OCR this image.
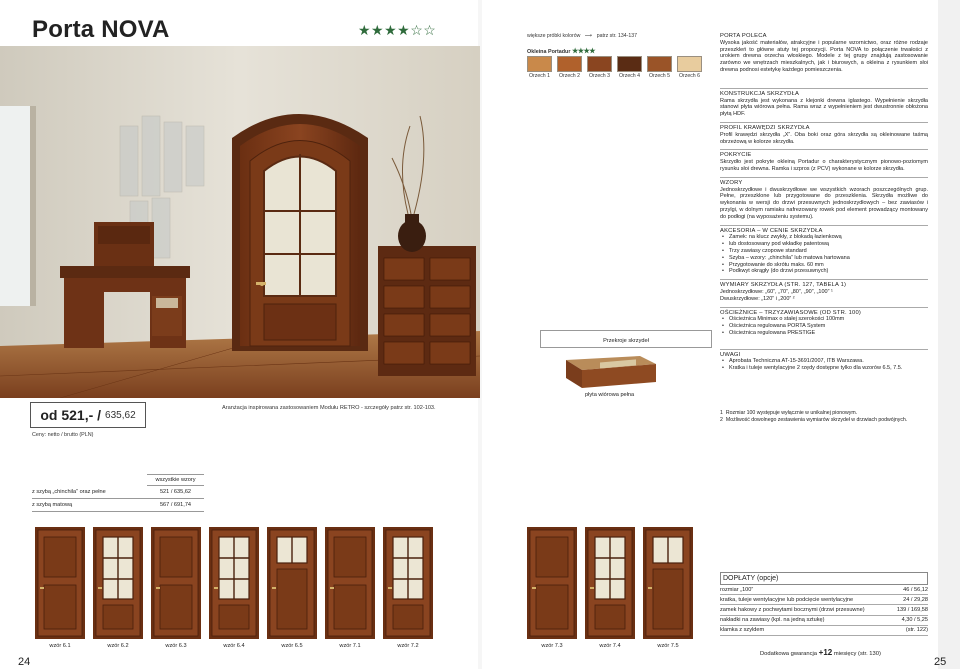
Porta NOVA	★★★★☆☆	większe próbki kolorów ⟶ patrz str. 134-137
Okleina Portadur ★★★★
Orzech 1	Orzech 2	Orzech 3	Orzech 4	Orzech 5	Orzech 6
Przekroje skrzydeł
płyta wiórowa pełna
od 521,- / 635,62
Aranżacja inspirowana zastosowaniem Modułu RETRO - szczegóły patrz str. 102-103.
Ceny: netto / brutto (PLN)
wszystkie wzory
z szybą „chinchila” oraz pełne	521 / 635,62
z szybą matową	567 / 691,74
wzór 6.1	wzór 6.2	wzór 6.3	wzór 6.4	wzór 6.5	wzór 7.1	wzór 7.2	wzór 7.3	wzór 7.4	wzór 7.5
24	25
PORTA POLECA

Wysoka jakość materiałów, atrakcyjne i popularne wzornictwo, oraz różne rodzaje przeszkleń to główne atuty tej propozycji. Porta NOVA to połączenie trwałości z urokiem drewna orzecha włoskiego. Modele z tej grupy znajdują zastosowanie zarówno we wnętrzach mieszkalnych, jak i biurowych, a okleina z rysunkiem słoi drewna podnosi estetykę każdego pomieszczenia.

KONSTRUKCJA SKRZYDŁA

Rama skrzydła jest wykonana z klejonki drewna iglastego. Wypełnienie skrzydła stanowi płyta wiórowa pełna. Rama wraz z wypełnieniem jest dwustronnie obłożona płytą HDF.

PROFIL KRAWĘDZI SKRZYDŁA

Profil krawędzi skrzydła „X”. Oba boki oraz góra skrzydła są okleinowane taśmą obrzeżową w kolorze skrzydła.

POKRYCIE

Skrzydło jest pokryte okleiną Portadur o charakterystycznym pionowo-poziomym rysunku słoi drewna. Ramka i szpros (z PCV) wykonane w kolorze skrzydła.

WZORY

Jednoskrzydłowe i dwuskrzydłowe we wszystkich wzorach poszczególnych grup. Pełne, przeszklone lub przygotowane do przeszklenia. Skrzydła możliwe do wykonania w wersji do drzwi przesuwnych jednoskrzydłowych – bez zawiasów i przylgi, w dolnym ramiaku nafrezowany rowek pod element prowadzący montowany do podłogi (na wyposażeniu systemu).

AKCESORIA – W CENIE SKRZYDŁA
• Zamek: na klucz zwykły, z blokadą łazienkową
• lub dostosowany pod wkładkę patentową
• Trzy zawiasy czopowe standard
• Szyba – wzory: „chinchila” lub matowa hartowana
• Przygotowanie do skrótu maks. 60 mm
• Podkwyt okrągły (do drzwi przesuwnych)
WYMIARY SKRZYDŁA (STR. 127, TABELA 1)
Jednoskrzydłowe: „60”, „70”, „80”, „90”, „100” ¹
Dwuskrzydłowe: „120” i „200” ²
OŚCIEŻNICE – TRZYZAWIASOWE (OD STR. 100)
• Ościeżnica Minimax o stałej szerokości 100mm
• Ościeżnica regulowana PORTA System
• Ościeżnica regulowana PRESTIGE
UWAGI
• Aprobata Techniczna AT-15-3691/2007, ITB Warszawa.
• Kratka i tuleje wentylacyjne 2 rzędy dostępne tylko dla wzorów 6.5, 7.5.
1 Rozmiar 100 występuje wyłącznie w unikalnej pionowym.
2 Możliwość dowolnego zestawienia wymiarów skrzydeł w drzwiach podwójnych.
DOPŁATY (opcje)
rozmiar „100”	46 / 56,12
kratka, tuleje wentylacyjne lub podcięcie wentylacyjne	24 / 29,28
zamek hakowy z pochwytami bocznymi (drzwi przesuwne)	139 / 169,58
nakładki na zawiasy (kpl. na jedną sztukę)	4,30 / 5,25
klamka z szyldem	(str. 122)
Dodatkowa gwarancja +12 miesięcy (str. 130)
